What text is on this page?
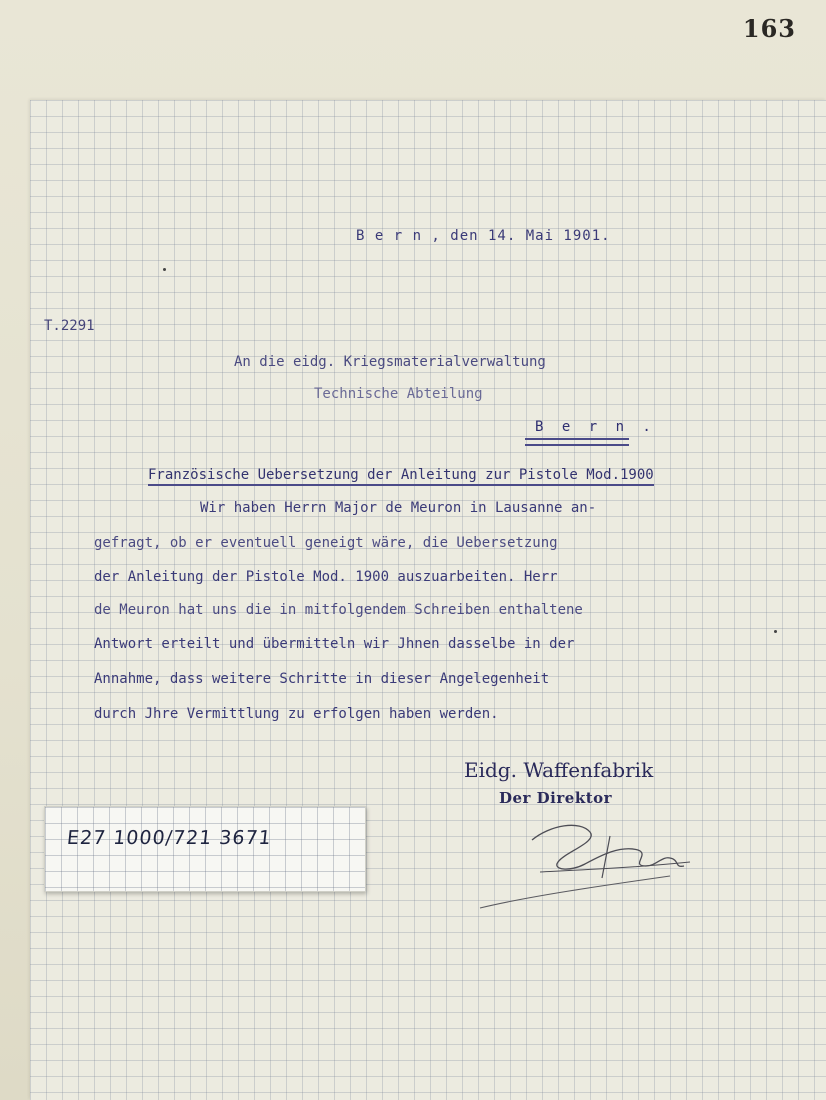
163
B e r n , den 14. Mai 1901.
T.2291
An die eidg. Kriegsmaterialverwaltung
Technische Abteilung
B e r n .
Französische Uebersetzung der Anleitung zur Pistole Mod.1900
Wir haben Herrn Major de Meuron in Lausanne an-
gefragt, ob er eventuell geneigt wäre, die Uebersetzung
der Anleitung der Pistole Mod. 1900 auszuarbeiten. Herr
de Meuron hat uns die in mitfolgendem Schreiben enthaltene
Antwort erteilt und übermitteln wir Jhnen dasselbe in der
Annahme, dass weitere Schritte in dieser Angelegenheit
durch Jhre Vermittlung zu erfolgen haben werden.
Eidg. Waffenfabrik
Der Direktor
E27 1000/721 3671
